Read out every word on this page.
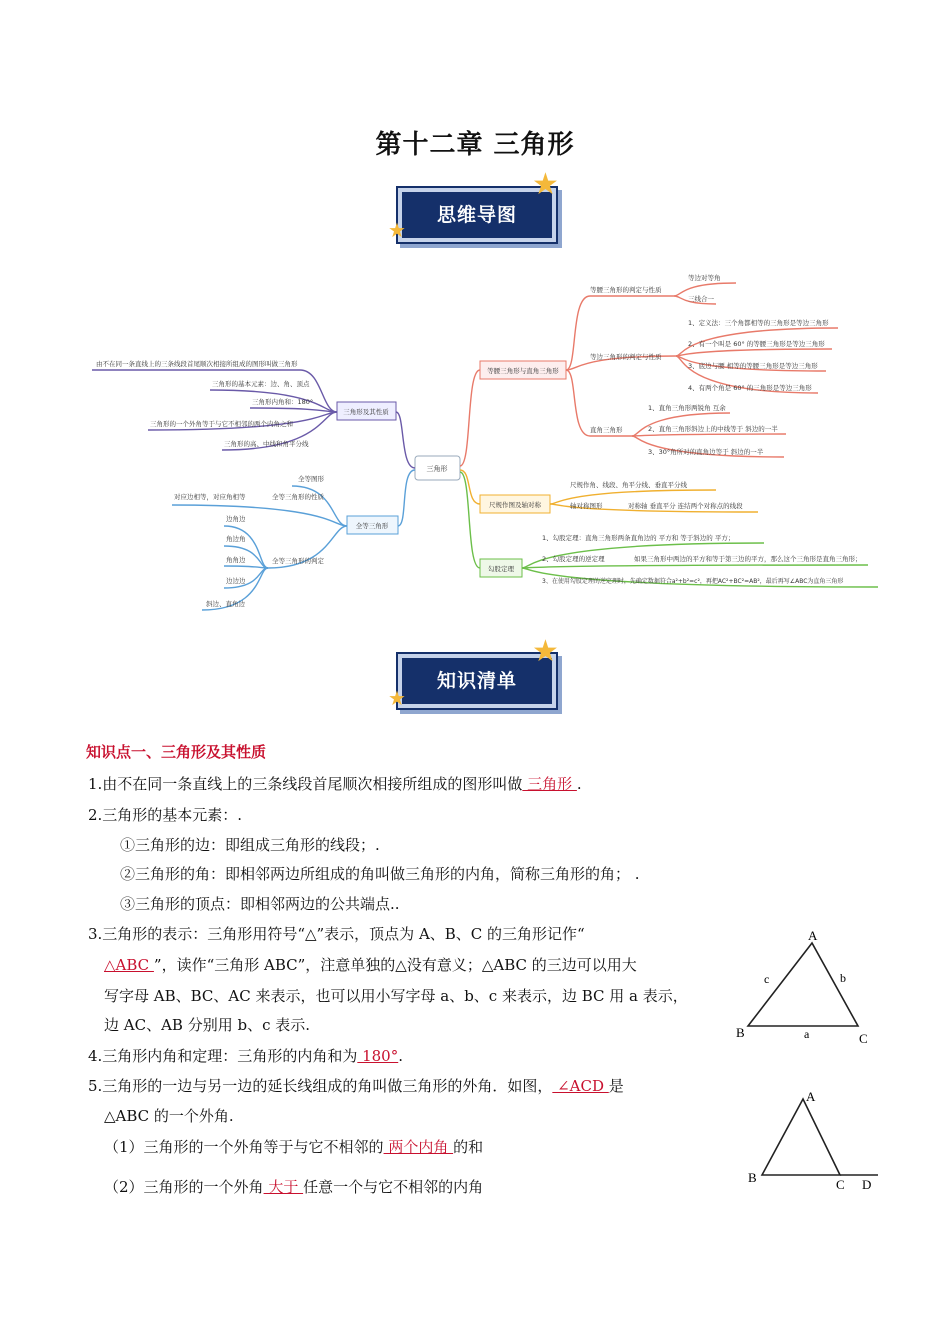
第十二章 三角形
思维导图
★
★
三角形
三角形及其性质
由不在同一条直线上的三条线段首尾顺次相接所组成的图形叫做三角形
三角形的基本元素：边、角、顶点
三角形内角和：180°
三角形的一个外角等于与它不相邻的两个内角之和
三角形的高、中线和角平分线
全等三角形
全等图形
全等三角形的性质
对应边相等，对应角相等
全等三角形的判定
边角边
角边角
角角边
边边边
斜边、直角边
等腰三角形与直角三角形
等腰三角形的判定与性质
等边对等角
三线合一
等边三角形的判定与性质
1、定义法：三个角都相等的三角形是等边三角形
2、有一个叫是 60° 的等腰三角形是等边三角形
3、底边与腰 相等的等腰三角形是等边三角形
4、有两个角是 60° 的三角形是等边三角形
直角三角形
1、直角三角形两锐角 互余
2、直角三角形斜边上的中线等于 斜边的一半
3、30°角所对的直角边等于 斜边的一半
尺规作图及轴对称
尺规作角、线段、角平分线、垂直平分线
轴对称图形	对称轴 垂直平分 连结两个对称点的线段
勾股定理
1、勾股定理：直角三角形两条直角边的 平方和 等于斜边的 平方；
2、勾股定理的逆定理	如果三角形中两边的平方和等于第三边的平方，那么这个三角形是直角三角形；
3、在使用勾股定理的逆定理时，先确定数据符合a²+b²=c²，再把AC²+BC²=AB²，最后再写∠ABC为直角三角形
知识清单
★
★
知识点一、三角形及其性质
1.由不在同一条直线上的三条线段首尾顺次相接所组成的图形叫做 三角形 .
2.三角形的基本元素：.
①三角形的边：即组成三角形的线段；.
②三角形的角：即相邻两边所组成的角叫做三角形的内角，简称三角形的角； .
③三角形的顶点：即相邻两边的公共端点..
3.三角形的表示：三角形用符号“△”表示，顶点为 A、B、C 的三角形记作“
△ABC ”，读作“三角形 ABC”，注意单独的△没有意义；△ABC 的三边可以用大
写字母 AB、BC、AC 来表示，也可以用小写字母 a、b、c 来表示，边 BC 用 a 表示，
边 AC、AB 分别用 b、c 表示.
4.三角形内角和定理：三角形的内角和为 180°.
5.三角形的一边与另一边的延长线组成的角叫做三角形的外角．如图， ∠ACD 是
△ABC 的一个外角.
（1）三角形的一个外角等于与它不相邻的 两个内角 的和
（2）三角形的一个外角 大于 任意一个与它不相邻的内角
A
B	C
a
b
c
A
B	C D
